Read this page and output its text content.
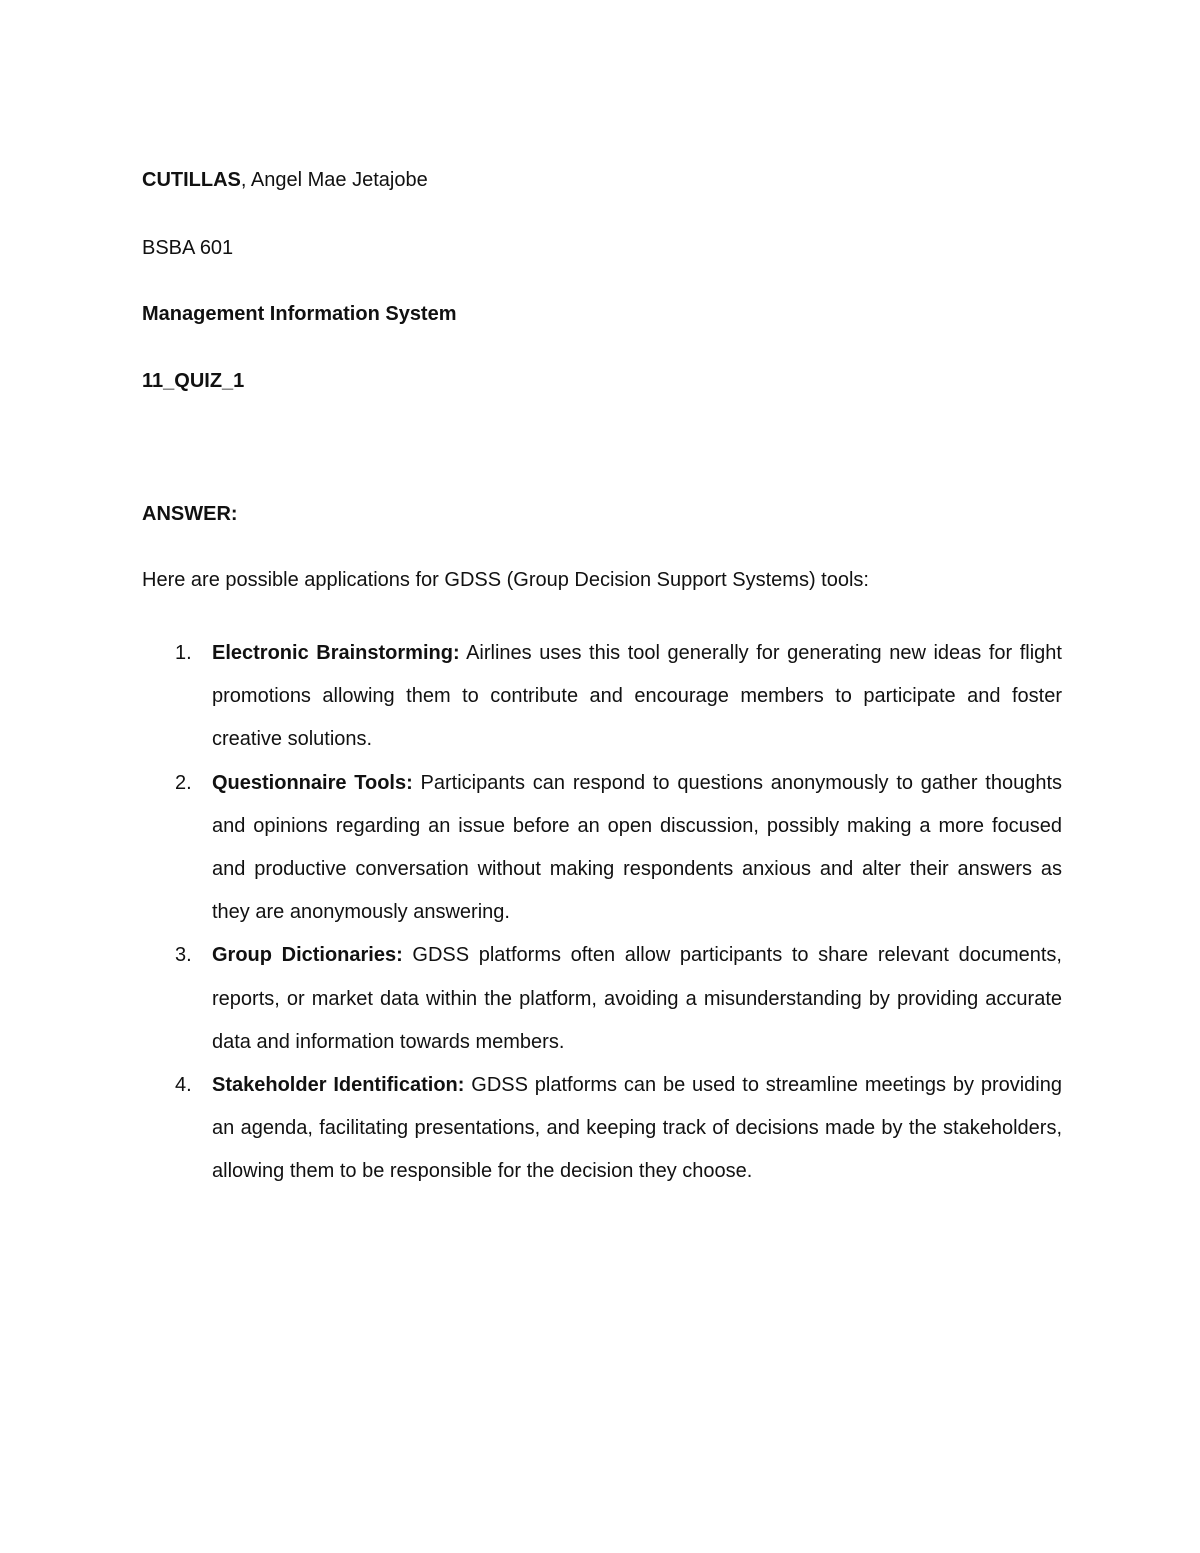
CUTILLAS, Angel Mae Jetajobe
BSBA 601
Management Information System
11_QUIZ_1
ANSWER:
Here are possible applications for GDSS (Group Decision Support Systems) tools:
1. Electronic Brainstorming: Airlines uses this tool generally for generating new ideas for flight promotions allowing them to contribute and encourage members to participate and foster creative solutions.
2. Questionnaire Tools: Participants can respond to questions anonymously to gather thoughts and opinions regarding an issue before an open discussion, possibly making a more focused and productive conversation without making respondents anxious and alter their answers as they are anonymously answering.
3. Group Dictionaries: GDSS platforms often allow participants to share relevant documents, reports, or market data within the platform, avoiding a misunderstanding by providing accurate data and information towards members.
4. Stakeholder Identification: GDSS platforms can be used to streamline meetings by providing an agenda, facilitating presentations, and keeping track of decisions made by the stakeholders, allowing them to be responsible for the decision they choose.
